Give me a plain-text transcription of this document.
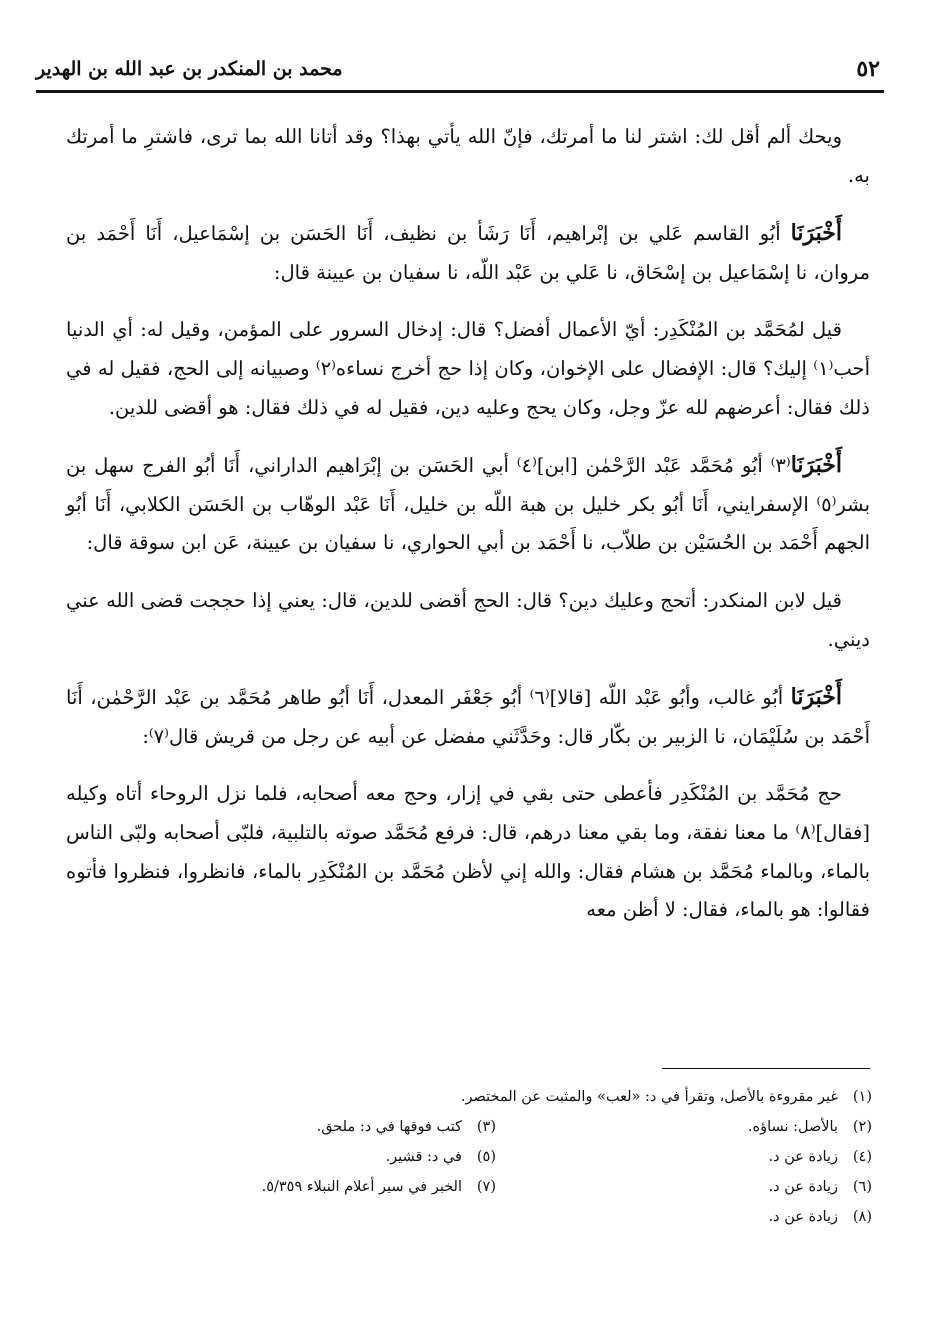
٥٢
محمد بن المنكدر بن عبد الله بن الهدير

ويحك ألم أقل لك: اشتر لنا ما أمرتك، فإنّ الله يأتي بهذا؟ وقد أتانا الله بما ترى، فاشترِ ما أمرتك به.

أَخْبَرَنَا أبُو القاسم عَلي بن إبْراهيم، أَنَا رَشَأ بن نظيف، أَنَا الحَسَن بن إسْمَاعيل، أَنَا أَحْمَد بن مروان، نا إسْمَاعيل بن إسْحَاق، نا عَلي بن عَبْد اللّه، نا سفيان بن عيينة قال:

قيل لمُحَمَّد بن المُنْكَدِر: أيّ الأعمال أفضل؟ قال: إدخال السرور على المؤمن، وقيل له: أي الدنيا أحب⁽١⁾ إليك؟ قال: الإفضال على الإخوان، وكان إذا حج أخرج نساءه⁽٢⁾ وصبيانه إلى الحج، فقيل له في ذلك فقال: أعرضهم لله عزّ وجل، وكان يحج وعليه دين، فقيل له في ذلك فقال: هو أقضى للدين.

أَخْبَرَنَا⁽٣⁾ أبُو مُحَمَّد عَبْد الرَّحْمٰن [ابن]⁽٤⁾ أبي الحَسَن بن إبْرَاهيم الداراني، أَنَا أبُو الفرج سهل بن بشر⁽٥⁾ الإسفرايني، أَنَا أبُو بكر خليل بن هبة اللّه بن خليل، أَنَا عَبْد الوهّاب بن الحَسَن الكلابي، أَنَا أبُو الجهم أَحْمَد بن الحُسَيْن بن طلاّب، نا أَحْمَد بن أبي الحواري، نا سفيان بن عيينة، عَن ابن سوقة قال:

قيل لابن المنكدر: أتحج وعليك دين؟ قال: الحج أقضى للدين، قال: يعني إذا حججت قضى الله عني ديني.

أَخْبَرَنَا أبُو غالب، وأبُو عَبْد اللّه [قالا]⁽٦⁾ أبُو جَعْفَر المعدل، أَنَا أبُو طاهر مُحَمَّد بن عَبْد الرَّحْمٰن، أَنَا أَحْمَد بن سُلَيْمَان، نا الزبير بن بكّار قال: وحَدَّثَني مفضل عن أبيه عن رجل من قريش قال⁽٧⁾:

حج مُحَمَّد بن المُنْكَدِر فأعطى حتى بقي في إزار، وحج معه أصحابه، فلما نزل الروحاء أتاه وكيله [فقال]⁽٨⁾ ما معنا نفقة، وما بقي معنا درهم، قال: فرفع مُحَمَّد صوته بالتلبية، فلبّى أصحابه ولبّى الناس بالماء، وبالماء مُحَمَّد بن هشام فقال: والله إني لأظن مُحَمَّد بن المُنْكَدِر بالماء، فانظروا، فنظروا فأتوه فقالوا: هو بالماء، فقال: لا أظن معه

(١)غير مقروءة بالأصل، وتقرأ في د: «لعب» والمثبت عن المختصر.
(٢)بالأصل: نساؤه.
(٣)كتب فوقها في د: ملحق.
(٤)زيادة عن د.
(٥)في د: قشير.
(٦)زيادة عن د.
(٧)الخبر في سير أعلام النبلاء ٥/٣٥٩.
(٨)زيادة عن د.
